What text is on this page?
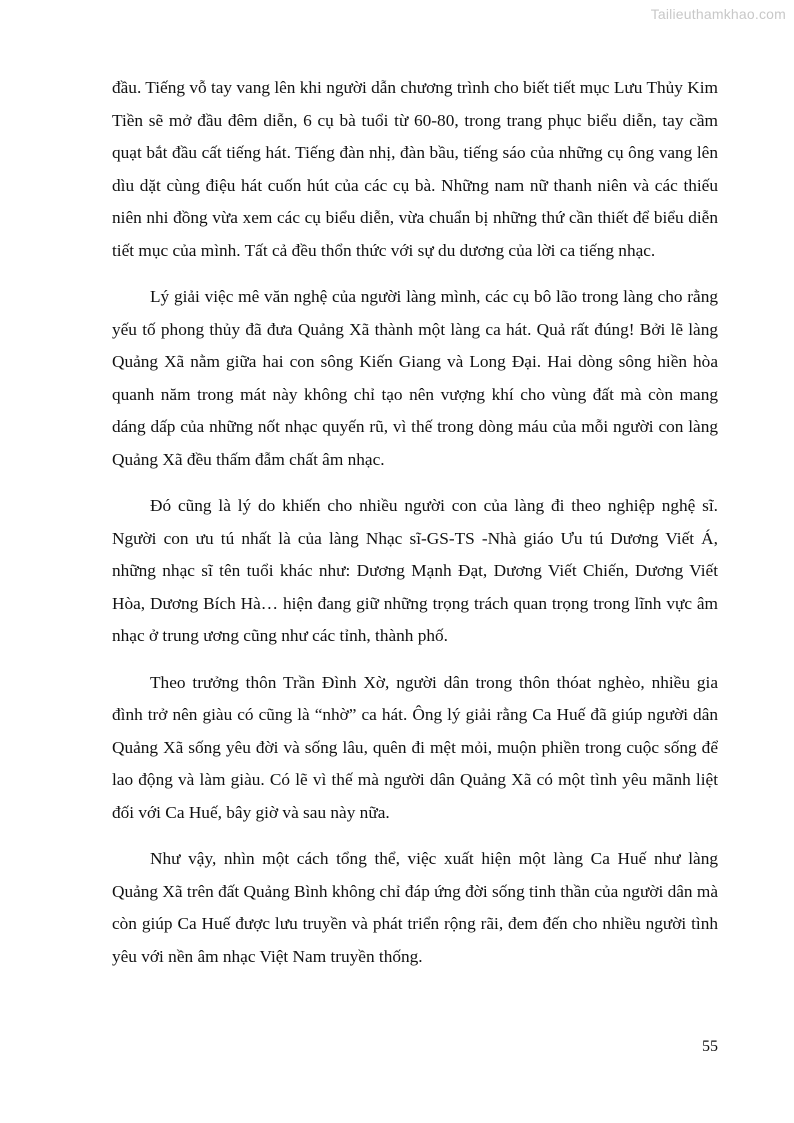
Tailieuthamkhao.com

đầu. Tiếng vỗ tay vang lên khi người dẫn chương trình cho biết tiết mục Lưu Thủy Kim Tiền sẽ mở đầu đêm diễn, 6 cụ bà tuổi từ 60-80, trong trang phục biểu diễn, tay cầm quạt bắt đầu cất tiếng hát. Tiếng đàn nhị, đàn bầu, tiếng sáo của những cụ ông vang lên dìu dặt cùng điệu hát cuốn hút của các cụ bà. Những nam nữ thanh niên và các thiếu niên nhi đồng vừa xem các cụ biểu diễn, vừa chuẩn bị những thứ cần thiết để biểu diễn tiết mục của mình. Tất cả đều thổn thức với sự du dương của lời ca tiếng nhạc.

Lý giải việc mê văn nghệ của người làng mình, các cụ bô lão trong làng cho rằng yếu tố phong thủy đã đưa Quảng Xã thành một làng ca hát. Quả rất đúng! Bởi lẽ làng Quảng Xã nằm giữa hai con sông Kiến Giang và Long Đại. Hai dòng sông hiền hòa quanh năm trong mát này không chỉ tạo nên vượng khí cho vùng đất mà còn mang dáng dấp của những nốt nhạc quyến rũ, vì thế trong dòng máu của mỗi người con làng Quảng Xã đều thấm đẫm chất âm nhạc.

Đó cũng là lý do khiến cho nhiều người con của làng đi theo nghiệp nghệ sĩ. Người con ưu tú nhất là của làng Nhạc sĩ-GS-TS -Nhà giáo Ưu tú Dương Viết Á, những nhạc sĩ tên tuổi khác như: Dương Mạnh Đạt, Dương Viết Chiến, Dương Viết Hòa, Dương Bích Hà… hiện đang giữ những trọng trách quan trọng trong lĩnh vực âm nhạc ở trung ương cũng như các tỉnh, thành phố.

Theo trưởng thôn Trần Đình Xờ, người dân trong thôn thóat nghèo, nhiều gia đình trở nên giàu có cũng là “nhờ” ca hát. Ông lý giải rằng Ca Huế đã giúp người dân Quảng Xã sống yêu đời và sống lâu, quên đi mệt mỏi, muộn phiền trong cuộc sống để lao động và làm giàu. Có lẽ vì thế mà người dân Quảng Xã có một tình yêu mãnh liệt đối với Ca Huế, bây giờ và sau này nữa.

Như vậy, nhìn một cách tổng thể, việc xuất hiện một làng Ca Huế như làng Quảng Xã trên đất Quảng Bình không chỉ đáp ứng đời sống tinh thần của người dân mà còn giúp Ca Huế được lưu truyền và phát triển rộng rãi, đem đến cho nhiều người tình yêu với nền âm nhạc Việt Nam truyền thống.

55
